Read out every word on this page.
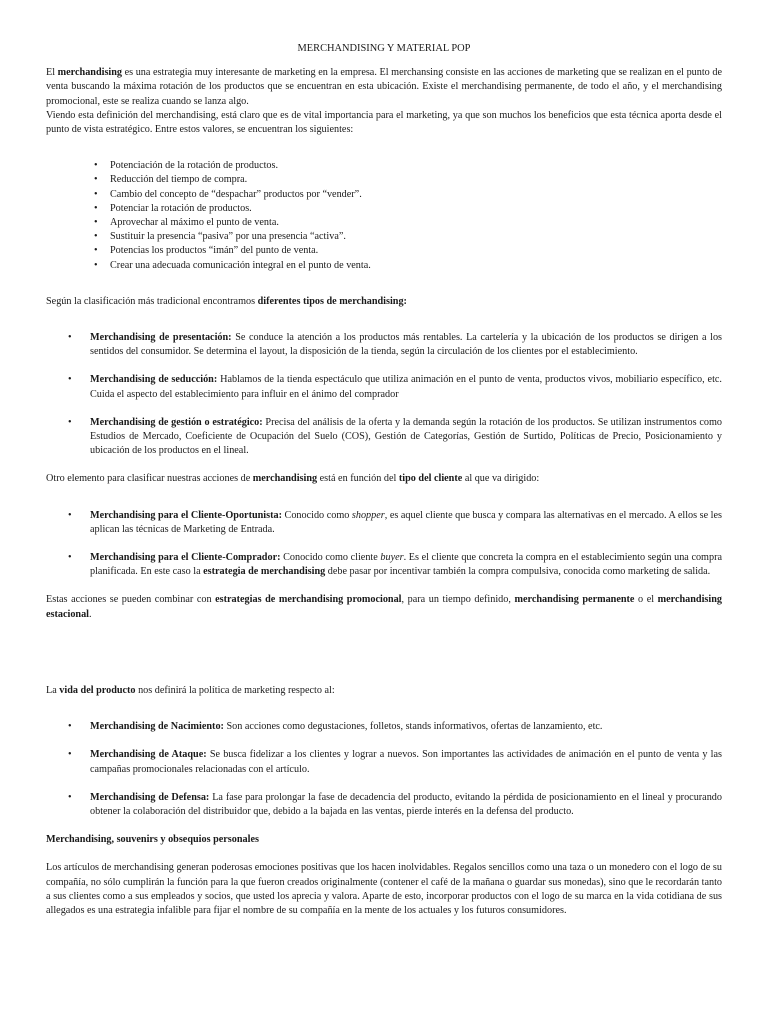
MERCHANDISING Y MATERIAL POP

El merchandising es una estrategia muy interesante de marketing en la empresa. El merchansing consiste en las acciones de marketing que se realizan en el punto de venta buscando la máxima rotación de los productos que se encuentran en esta ubicación. Existe el merchandising permanente, de todo el año, y el merchandising promocional, este se realiza cuando se lanza algo.

Viendo esta definición del merchandising, está claro que es de vital importancia para el marketing, ya que son muchos los beneficios que esta técnica aporta desde el punto de vista estratégico. Entre estos valores, se encuentran los siguientes:

• Potenciación de la rotación de productos.
• Reducción del tiempo de compra.
• Cambio del concepto de “despachar” productos por “vender”.
• Potenciar la rotación de productos.
• Aprovechar al máximo el punto de venta.
• Sustituir la presencia “pasiva” por una presencia “activa”.
• Potencias los productos “imán” del punto de venta.
• Crear una adecuada comunicación integral en el punto de venta.

Según la clasificación más tradicional encontramos diferentes tipos de merchandising:

• Merchandising de presentación: Se conduce la atención a los productos más rentables. La cartelería y la ubicación de los productos se dirigen a los sentidos del consumidor. Se determina el layout, la disposición de la tienda, según la circulación de los clientes por el establecimiento.
• Merchandising de seducción: Hablamos de la tienda espectáculo que utiliza animación en el punto de venta, productos vivos, mobiliario específico, etc. Cuida el aspecto del establecimiento para influir en el ánimo del comprador
• Merchandising de gestión o estratégico: Precisa del análisis de la oferta y la demanda según la rotación de los productos. Se utilizan instrumentos como Estudios de Mercado, Coeficiente de Ocupación del Suelo (COS), Gestión de Categorías, Gestión de Surtido, Políticas de Precio, Posicionamiento y ubicación de los productos en el lineal.

Otro elemento para clasificar nuestras acciones de merchandising está en función del tipo del cliente al que va dirigido:

• Merchandising para el Cliente-Oportunista: Conocido como shopper, es aquel cliente que busca y compara las alternativas en el mercado. A ellos se les aplican las técnicas de Marketing de Entrada.
• Merchandising para el Cliente-Comprador: Conocido como cliente buyer. Es el cliente que concreta la compra en el establecimiento según una compra planificada. En este caso la estrategia de merchandising debe pasar por incentivar también la compra compulsiva, conocida como marketing de salida.

Estas acciones se pueden combinar con estrategias de merchandising promocional, para un tiempo definido, merchandising permanente o el merchandising estacional.

La vida del producto nos definirá la política de marketing respecto al:

• Merchandising de Nacimiento: Son acciones como degustaciones, folletos, stands informativos, ofertas de lanzamiento, etc.
• Merchandising de Ataque: Se busca fidelizar a los clientes y lograr a nuevos. Son importantes las actividades de animación en el punto de venta y las campañas promocionales relacionadas con el artículo.
• Merchandising de Defensa: La fase para prolongar la fase de decadencia del producto, evitando la pérdida de posicionamiento en el lineal y procurando obtener la colaboración del distribuidor que, debido a la bajada en las ventas, pierde interés en la defensa del producto.

Merchandising, souvenirs y obsequios personales

Los artículos de merchandising generan poderosas emociones positivas que los hacen inolvidables. Regalos sencillos como una taza o un monedero con el logo de su compañía, no sólo cumplirán la función para la que fueron creados originalmente (contener el café de la mañana o guardar sus monedas), sino que le recordarán tanto a sus clientes como a sus empleados y socios, que usted los aprecia y valora. Aparte de esto, incorporar productos con el logo de su marca en la vida cotidiana de sus allegados es una estrategia infalible para fijar el nombre de su compañía en la mente de los actuales y los futuros consumidores.
